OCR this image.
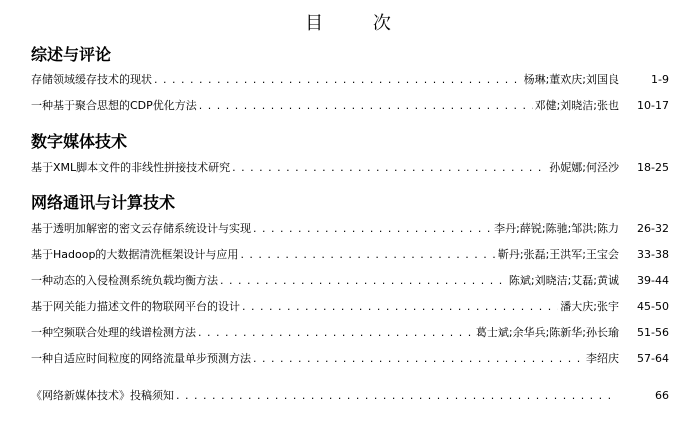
目 次
综述与评论
存储领域缓存技术的现状 . . .	杨琳;董欢庆;刘国良	1-9
一种基于聚合思想的CDP优化方法 . . .	邓健;刘晓洁;张也	10-17
数字媒体技术
基于XML脚本文件的非线性拼接技术研究 . . .	孙妮娜;何泾沙	18-25
网络通讯与计算技术
基于透明加解密的密文云存储系统设计与实现 . . .	李丹;薛锐;陈驰;邹洪;陈力	26-32
基于Hadoop的大数据清洗框架设计与应用 . . .	靳丹;张磊;王洪军;王宝会	33-38
一种动态的入侵检测系统负载均衡方法 . . .	陈斌;刘晓洁;艾磊;黄诚	39-44
基于网关能力描述文件的物联网平台的设计 . . .	潘大庆;张宇	45-50
一种空频联合处理的线谱检测方法 . . .	葛士斌;余华兵;陈新华;孙长瑜	51-56
一种自适应时间粒度的网络流量单步预测方法 . . .	李绍庆	57-64
《网络新媒体技术》投稿须知 . . .	66
